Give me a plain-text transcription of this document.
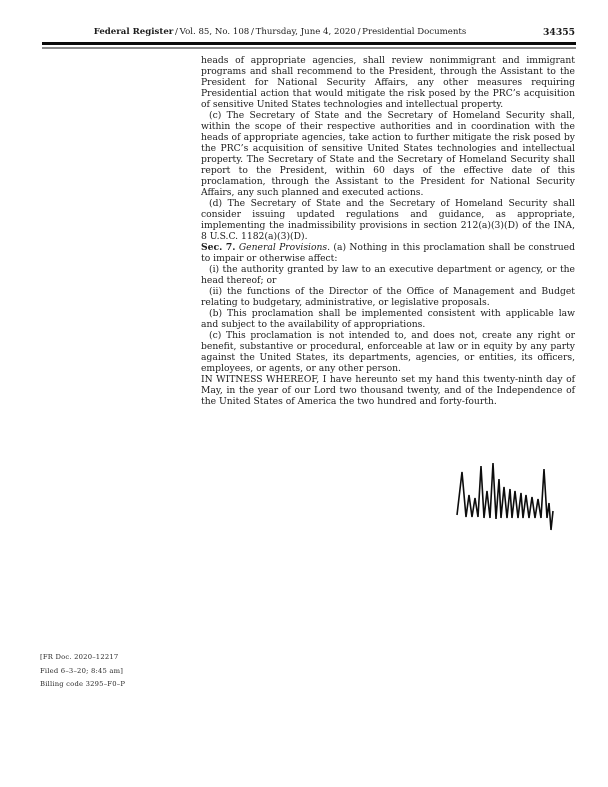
Federal Register / Vol. 85, No. 108 / Thursday, June 4, 2020 / Presidential Documents	34355

heads of appropriate agencies, shall review nonimmigrant and immigrant programs and shall recommend to the President, through the Assistant to the President for National Security Affairs, any other measures requiring Presidential action that would mitigate the risk posed by the PRC’s acquisition of sensitive United States technologies and intellectual property.

(c) The Secretary of State and the Secretary of Homeland Security shall, within the scope of their respective authorities and in coordination with the heads of appropriate agencies, take action to further mitigate the risk posed by the PRC’s acquisition of sensitive United States technologies and intellectual property. The Secretary of State and the Secretary of Homeland Security shall report to the President, within 60 days of the effective date of this proclamation, through the Assistant to the President for National Security Affairs, any such planned and executed actions.

(d) The Secretary of State and the Secretary of Homeland Security shall consider issuing updated regulations and guidance, as appropriate, implementing the inadmissibility provisions in section 212(a)(3)(D) of the INA, 8 U.S.C. 1182(a)(3)(D).

Sec. 7. General Provisions. (a) Nothing in this proclamation shall be construed to impair or otherwise affect:

(i) the authority granted by law to an executive department or agency, or the head thereof; or

(ii) the functions of the Director of the Office of Management and Budget relating to budgetary, administrative, or legislative proposals.

(b) This proclamation shall be implemented consistent with applicable law and subject to the availability of appropriations.

(c) This proclamation is not intended to, and does not, create any right or benefit, substantive or procedural, enforceable at law or in equity by any party against the United States, its departments, agencies, or entities, its officers, employees, or agents, or any other person.

IN WITNESS WHEREOF, I have hereunto set my hand this twenty-ninth day of May, in the year of our Lord two thousand twenty, and of the Independence of the United States of America the two hundred and forty-fourth.

[FR Doc. 2020–12217
Filed 6–3–20; 8:45 am]
Billing code 3295–F0–P
